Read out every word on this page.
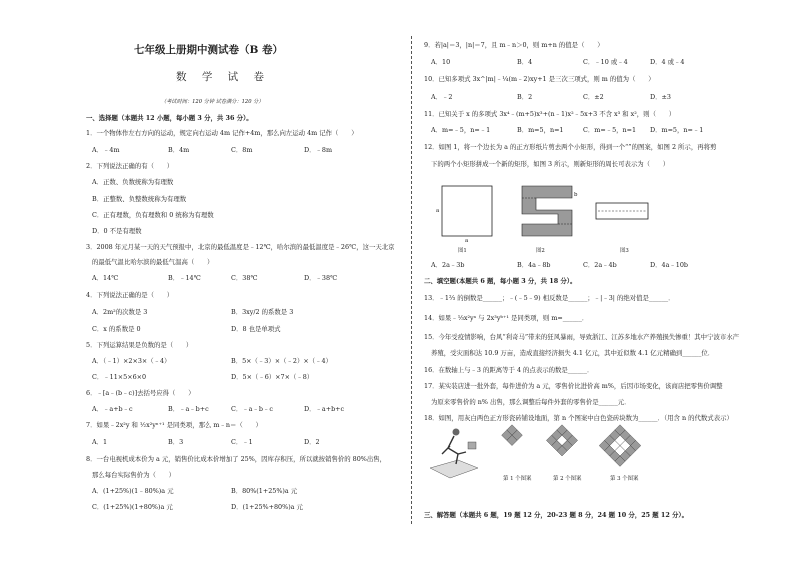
七年级上册期中测试卷（B 卷）
数 学 试 卷
（考试时间：120 分钟 试卷满分：120 分）
一、选择题（本题共 12 小题，每小题 3 分，共 36 分）。
1．一个物体作左右方向的运动，规定向右运动 4m 记作+4m，那么向左运动 4m 记作（　　）
A．﹣4m	B．4m	C．8m	D．﹣8m
2．下列说法正确的有（　　）
A．正数、负数统称为有理数
B．正整数、负整数统称为有理数
C．正有理数，负有理数和 0 统称为有理数
D．0 不是有理数
3．2008 年元月某一天的天气预报中，北京的最低温度是﹣12℃，哈尔滨的最低温度是﹣26℃，这一天北京
的最低气温比哈尔滨的最低气温高（　　）
A．14℃	B．﹣14℃	C．38℃	D．﹣38℃
4．下列说法正确的是（　　）
A．2m²的次数是 3	B．3xy/2 的系数是 3
C．x 的系数是 0	D．8 也是单项式
5．下列运算结果是负数的是（　　）
A．（﹣1）×2×3×（﹣4）	B．5×（﹣3）×（﹣2）×（﹣4）
C．﹣11×5×6×0	D．5×（﹣6）×7×（﹣8）
6．﹣[a﹣(b﹣c)]去括号应得（　　）
A．﹣a+b﹣c	B．﹣a﹣b+c	C．﹣a﹣b﹣c	D．﹣a+b+c
7．如果﹣2x²y 和 ½x²yⁿ⁺¹ 是同类项，那么 m﹣n＝（　　）
A．1	B．3	C．﹣1	D．2
8．一台电视机成本价为 a 元，销售价比成本价增加了 25%，因库存积压，所以就按销售价的 80%出售，
那么每台实际售价为（　　）
A．(1+25%)(1﹣80%)a 元	B．80%(1+25%)a 元
C．(1+25%)(1+80%)a 元	D．(1+25%+80%)a 元
9．若|a|＝3，|n|＝7，且 m﹣n＞0，则 m+n 的值是（　　）
A．10	B．4	C．﹣10 或﹣4	D．4 或﹣4
10．已知多项式 3x^|m|﹣¼(m﹣2)xy+1 是三次三项式，则 m 的值为（　　）
A．﹣2	B．2	C．±2	D．±3
11．已知关于 x 的多项式 3x⁴﹣(m+5)x³+(n﹣1)x²﹣5x+3 不含 x³ 和 x²，则（　　）
A．m=﹣5，n=﹣1	B．m=5，n=1	C．m=﹣5，n=1 D．m=5，n=﹣1
12．如图 1，将一个边长为 a 的正方形纸片剪去两个小矩形，得到一个“”的图案，如图 2 所示，再将剪
下的两个小矩形拼成一个新的矩形，如图 3 所示，则新矩形的周长可表示为（　　）
a
a
b
图1	图2	图3
A．2a﹣3b	B．4a﹣8b	C．2a﹣4b	D．4a﹣10b
二、填空题(本题共 6 题，每小题 3 分，共 18 分）。
13．﹣1⅔ 的倒数是______；﹣(﹣5﹣9) 相反数是______；﹣|﹣3| 的绝对值是______．
14．如果﹣⅓x²yᵃ 与 2x³yᵇ⁺¹ 是同类项，则 m=______．
15．今年受疫情影响，台风“利奇马”带来的狂风暴雨，导致浙江、江苏多地水产养殖损失惨重！其中宁波市水产
养殖，受灾面积达 10.9 万亩，造成直接经济损失 4.1 亿元，其中近似数 4.1 亿元精确到______位．
16．在数轴上与﹣3 的距离等于 4 的点表示的数是______．
17．某实装店进一批外套，每件进价为 a 元，零售价比进价高 m%，后因市场变化，该商店把零售价调整
为原来零售价的 n% 出售，那么调整后每件外套的零售价是______元．
18．如图，用灰白两色正方形瓷砖铺设地面，第 n 个图案中白色瓷砖块数为______．（用含 n 的代数式表示）
第 1 个图案	第 2 个图案	第 3 个图案
三、解答题（本题共 6 题，19 题 12 分，20-23 题 8 分，24 题 10 分，25 题 12 分）。
